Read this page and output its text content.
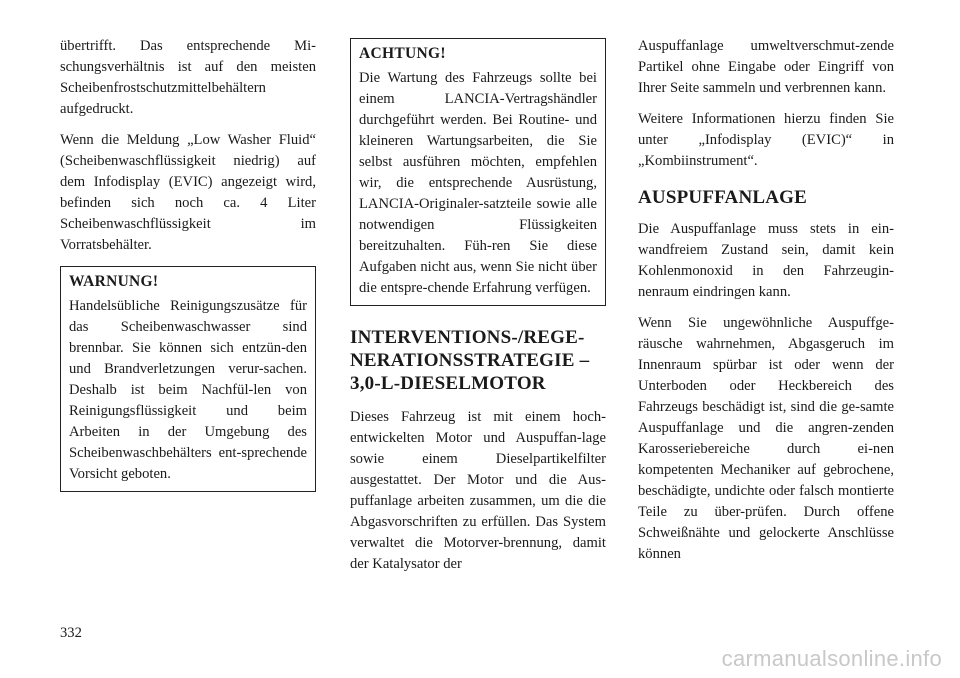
übertrifft. Das entsprechende Mi-schungsverhältnis ist auf den meisten Scheibenfrostschutzmittelbehältern aufgedruckt.

Wenn die Meldung „Low Washer Fluid“ (Scheibenwaschflüssigkeit niedrig) auf dem Infodisplay (EVIC) angezeigt wird, befinden sich noch ca. 4 Liter Scheibenwaschflüssigkeit im Vorratsbehälter.

WARNUNG!

Handelsübliche Reinigungszusätze für das Scheibenwaschwasser sind brennbar. Sie können sich entzün-den und Brandverletzungen verur-sachen. Deshalb ist beim Nachfül-len von Reinigungsflüssigkeit und beim Arbeiten in der Umgebung des Scheibenwaschbehälters ent-sprechende Vorsicht geboten.

ACHTUNG!

Die Wartung des Fahrzeugs sollte bei einem LANCIA-Vertragshändler durchgeführt werden. Bei Routine- und kleineren Wartungsarbeiten, die Sie selbst ausführen möchten, empfehlen wir, die entsprechende Ausrüstung, LANCIA-Originaler-satzteile sowie alle notwendigen Flüssigkeiten bereitzuhalten. Füh-ren Sie diese Aufgaben nicht aus, wenn Sie nicht über die entspre-chende Erfahrung verfügen.

INTERVENTIONS-/REGE-NERATIONSSTRATEGIE – 3,0-L-DIESELMOTOR

Dieses Fahrzeug ist mit einem hoch-entwickelten Motor und Auspuffan-lage sowie einem Dieselpartikelfilter ausgestattet. Der Motor und die Aus-puffanlage arbeiten zusammen, um die die Abgasvorschriften zu erfüllen. Das System verwaltet die Motorver-brennung, damit der Katalysator der

Auspuffanlage umweltverschmut-zende Partikel ohne Eingabe oder Eingriff von Ihrer Seite sammeln und verbrennen kann.

Weitere Informationen hierzu finden Sie unter „Infodisplay (EVIC)“ in „Kombiinstrument“.

AUSPUFFANLAGE

Die Auspuffanlage muss stets in ein-wandfreiem Zustand sein, damit kein Kohlenmonoxid in den Fahrzeugin-nenraum eindringen kann.

Wenn Sie ungewöhnliche Auspuffge-räusche wahrnehmen, Abgasgeruch im Innenraum spürbar ist oder wenn der Unterboden oder Heckbereich des Fahrzeugs beschädigt ist, sind die ge-samte Auspuffanlage und die angren-zenden Karosseriebereiche durch ei-nen kompetenten Mechaniker auf gebrochene, beschädigte, undichte oder falsch montierte Teile zu über-prüfen. Durch offene Schweißnähte und gelockerte Anschlüsse können

332
carmanualsonline.info
